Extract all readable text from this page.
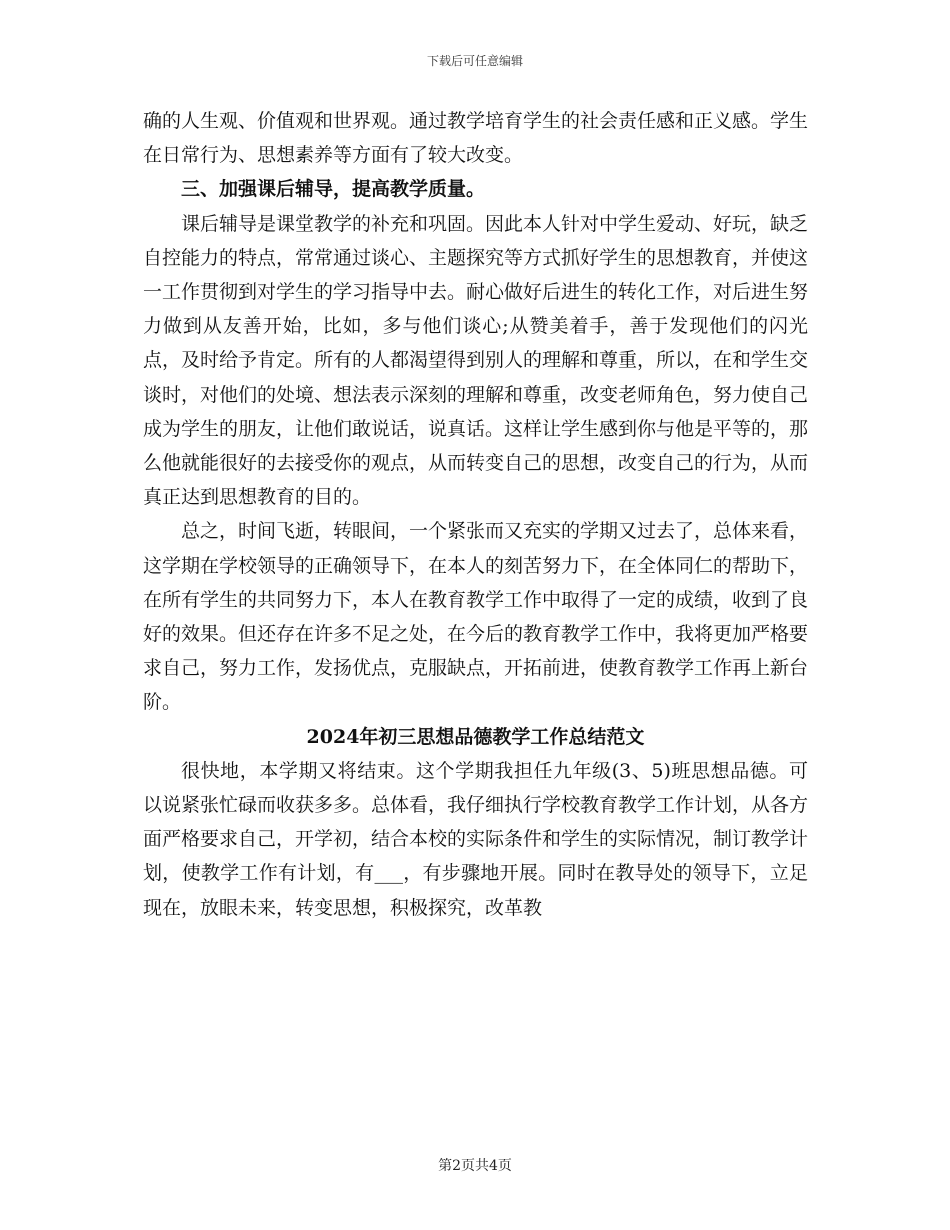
下载后可任意编辑

确的人生观、价值观和世界观。通过教学培育学生的社会责任感和正义感。学生在日常行为、思想素养等方面有了较大改变。

三、加强课后辅导，提高教学质量。

课后辅导是课堂教学的补充和巩固。因此本人针对中学生爱动、好玩，缺乏自控能力的特点，常常通过谈心、主题探究等方式抓好学生的思想教育，并使这一工作贯彻到对学生的学习指导中去。耐心做好后进生的转化工作，对后进生努力做到从友善开始，比如，多与他们谈心;从赞美着手，善于发现他们的闪光点，及时给予肯定。所有的人都渴望得到别人的理解和尊重，所以，在和学生交谈时，对他们的处境、想法表示深刻的理解和尊重，改变老师角色，努力使自己成为学生的朋友，让他们敢说话，说真话。这样让学生感到你与他是平等的，那么他就能很好的去接受你的观点，从而转变自己的思想，改变自己的行为，从而真正达到思想教育的目的。

总之，时间飞逝，转眼间，一个紧张而又充实的学期又过去了，总体来看，这学期在学校领导的正确领导下，在本人的刻苦努力下，在全体同仁的帮助下，在所有学生的共同努力下，本人在教育教学工作中取得了一定的成绩，收到了良好的效果。但还存在许多不足之处，在今后的教育教学工作中，我将更加严格要求自己，努力工作，发扬优点，克服缺点，开拓前进，使教育教学工作再上新台阶。

2024年初三思想品德教学工作总结范文

很快地，本学期又将结束。这个学期我担任九年级(3、5)班思想品德。可以说紧张忙碌而收获多多。总体看，我仔细执行学校教育教学工作计划，从各方面严格要求自己，开学初，结合本校的实际条件和学生的实际情况，制订教学计划，使教学工作有计划，有___，有步骤地开展。同时在教导处的领导下，立足现在，放眼未来，转变思想，积极探究，改革教

第2页共4页
